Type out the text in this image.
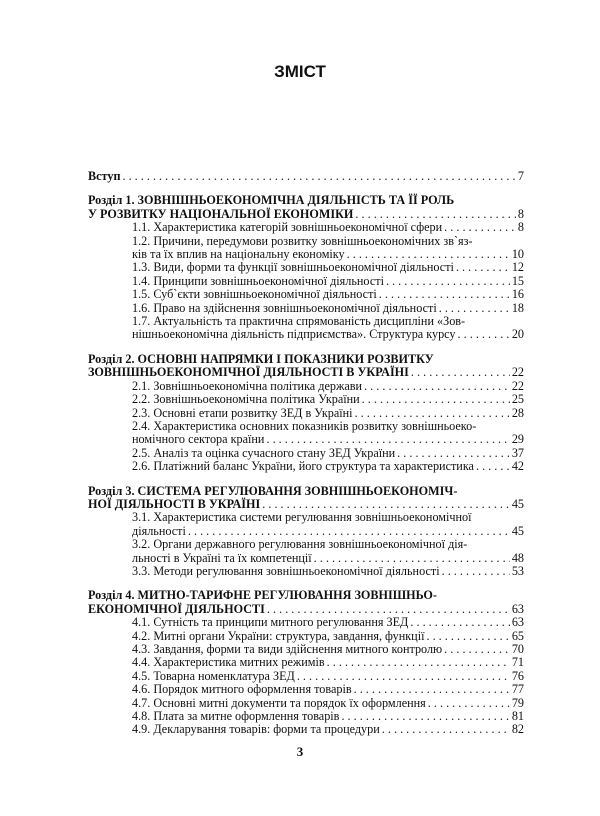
ЗМІСТ
Вступ . . .	7
Розділ 1. ЗОВНІШНЬОЕКОНОМІЧНА ДІЯЛЬНІСТЬ ТА ЇЇ РОЛЬ
У РОЗВИТКУ НАЦІОНАЛЬНОЇ ЕКОНОМІКИ . . .	8
1.1. Характеристика категорій зовнішньоекономічної сфери . . .	8
1.2. Причини, передумови розвитку зовнішньоекономічних зв`яз-
ків та їх вплив на національну економіку . . .	10
1.3. Види, форми та функції зовнішньоекономічної діяльності . . .	12
1.4. Принципи зовнішньоекономічної діяльності . . .	15
1.5. Суб`єкти зовнішньоекономічної діяльності . . .	16
1.6. Право на здійснення зовнішньоекономічної діяльності . . .	18
1.7. Актуальність та практична спрямованість дисципліни «Зов-
нішньоекономічна діяльність підприємства». Структура курсу . . .	20
Розділ 2. ОСНОВНІ НАПРЯМКИ І ПОКАЗНИКИ РОЗВИТКУ
ЗОВНІШНЬОЕКОНОМІЧНОЇ ДІЯЛЬНОСТІ В УКРАЇНІ . . .	22
2.1. Зовнішньоекономічна політика держави . . .	22
2.2. Зовнішньоекономічна політика України . . .	25
2.3. Основні етапи розвитку ЗЕД в Україні . . .	28
2.4. Характеристика основних показників розвитку зовнішньоеко-
номічного сектора країни . . .	29
2.5. Аналіз та оцінка сучасного стану ЗЕД України . . .	37
2.6. Платіжний баланс України, його структура та характеристика . . .	42
Розділ 3. СИСТЕМА РЕГУЛЮВАННЯ ЗОВНІШНЬОЕКОНОМІЧ-
НОЇ ДІЯЛЬНОСТІ В УКРАЇНІ . . .	45
3.1. Характеристика системи регулювання зовнішньоекономічної
діяльності . . .	45
3.2. Органи державного регулювання зовнішньоекономічної дія-
льності в Україні та їх компетенції . . .	48
3.3. Методи регулювання зовнішньоекономічної діяльності . . .	53
Розділ 4. МИТНО-ТАРИФНЕ РЕГУЛЮВАННЯ ЗОВНІШНЬО-
ЕКОНОМІЧНОЇ ДІЯЛЬНОСТІ . . .	63
4.1. Сутність та принципи митного регулювання ЗЕД . . .	63
4.2. Митні органи України: структура, завдання, функції . . .	65
4.3. Завдання, форми та види здійснення митного контролю . . .	70
4.4. Характеристика митних режимів . . .	71
4.5. Товарна номенклатура ЗЕД . . .	76
4.6. Порядок митного оформлення товарів . . .	77
4.7. Основні митні документи та порядок їх оформлення . . .	79
4.8. Плата за митне оформлення товарів . . .	81
4.9. Декларування товарів: форми та процедури . . .	82
3
